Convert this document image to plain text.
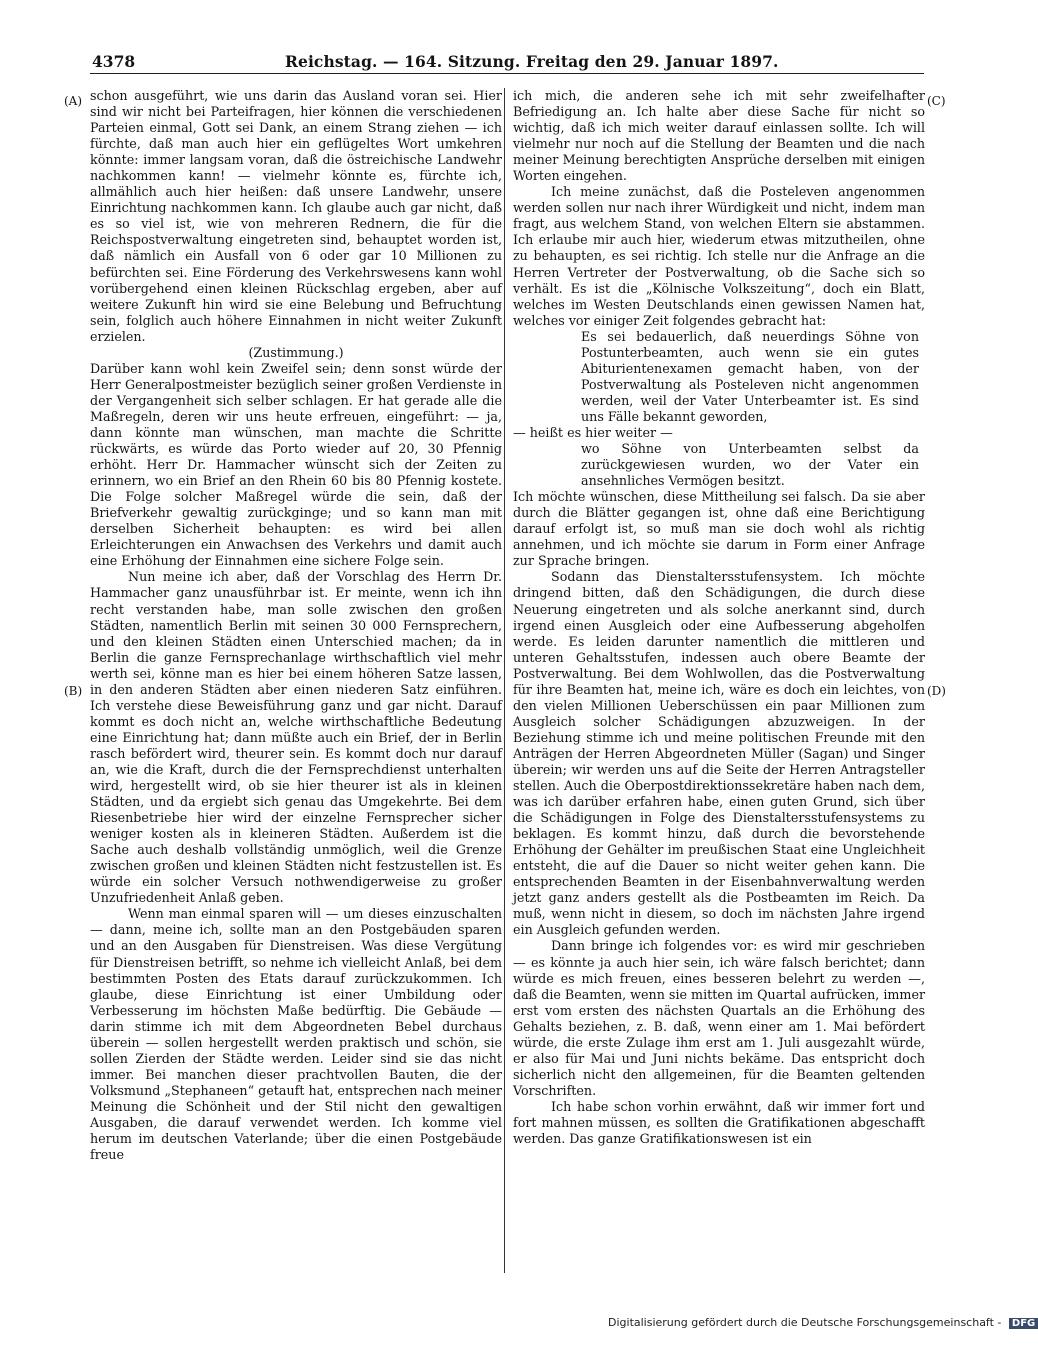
4378	Reichstag. — 164. Sitzung. Freitag den 29. Januar 1897.
(A)
(B)
(C)
(D)

schon ausgeführt, wie uns darin das Ausland voran sei. Hier sind wir nicht bei Parteifragen, hier können die verschiedenen Parteien einmal, Gott sei Dank, an einem Strang ziehen — ich fürchte, daß man auch hier ein geflügeltes Wort umkehren könnte: immer langsam voran, daß die östreichische Landwehr nachkommen kann! — vielmehr könnte es, fürchte ich, allmählich auch hier heißen: daß unsere Landwehr, unsere Einrichtung nachkommen kann. Ich glaube auch gar nicht, daß es so viel ist, wie von mehreren Rednern, die für die Reichspostverwaltung eingetreten sind, behauptet worden ist, daß nämlich ein Ausfall von 6 oder gar 10 Millionen zu befürchten sei. Eine Förderung des Verkehrswesens kann wohl vorübergehend einen kleinen Rückschlag ergeben, aber auf weitere Zukunft hin wird sie eine Belebung und Befruchtung sein, folglich auch höhere Einnahmen in nicht weiter Zukunft erzielen.

(Zustimmung.)

Darüber kann wohl kein Zweifel sein; denn sonst würde der Herr Generalpostmeister bezüglich seiner großen Verdienste in der Vergangenheit sich selber schlagen. Er hat gerade alle die Maßregeln, deren wir uns heute erfreuen, eingeführt: — ja, dann könnte man wünschen, man machte die Schritte rückwärts, es würde das Porto wieder auf 20, 30 Pfennig erhöht. Herr Dr. Hammacher wünscht sich der Zeiten zu erinnern, wo ein Brief an den Rhein 60 bis 80 Pfennig kostete. Die Folge solcher Maßregel würde die sein, daß der Briefverkehr gewaltig zurückginge; und so kann man mit derselben Sicherheit behaupten: es wird bei allen Erleichterungen ein Anwachsen des Verkehrs und damit auch eine Erhöhung der Einnahmen eine sichere Folge sein.

Nun meine ich aber, daß der Vorschlag des Herrn Dr. Hammacher ganz unausführbar ist. Er meinte, wenn ich ihn recht verstanden habe, man solle zwischen den großen Städten, namentlich Berlin mit seinen 30 000 Fernsprechern, und den kleinen Städten einen Unterschied machen; da in Berlin die ganze Fernsprechanlage wirthschaftlich viel mehr werth sei, könne man es hier bei einem höheren Satze lassen, in den anderen Städten aber einen niederen Satz einführen. Ich verstehe diese Beweisführung ganz und gar nicht. Darauf kommt es doch nicht an, welche wirthschaftliche Bedeutung eine Einrichtung hat; dann müßte auch ein Brief, der in Berlin rasch befördert wird, theurer sein. Es kommt doch nur darauf an, wie die Kraft, durch die der Fernsprechdienst unterhalten wird, hergestellt wird, ob sie hier theurer ist als in kleinen Städten, und da ergiebt sich genau das Umgekehrte. Bei dem Riesenbetriebe hier wird der einzelne Fernsprecher sicher weniger kosten als in kleineren Städten. Außerdem ist die Sache auch deshalb vollständig unmöglich, weil die Grenze zwischen großen und kleinen Städten nicht festzustellen ist. Es würde ein solcher Versuch nothwendigerweise zu großer Unzufriedenheit Anlaß geben.

Wenn man einmal sparen will — um dieses einzuschalten — dann, meine ich, sollte man an den Postgebäuden sparen und an den Ausgaben für Dienstreisen. Was diese Vergütung für Dienstreisen betrifft, so nehme ich vielleicht Anlaß, bei dem bestimmten Posten des Etats darauf zurückzukommen. Ich glaube, diese Einrichtung ist einer Umbildung oder Verbesserung im höchsten Maße bedürftig. Die Gebäude — darin stimme ich mit dem Abgeordneten Bebel durchaus überein — sollen hergestellt werden praktisch und schön, sie sollen Zierden der Städte werden. Leider sind sie das nicht immer. Bei manchen dieser prachtvollen Bauten, die der Volksmund „Stephaneen“ getauft hat, entsprechen nach meiner Meinung die Schönheit und der Stil nicht den gewaltigen Ausgaben, die darauf verwendet werden. Ich komme viel herum im deutschen Vaterlande; über die einen Postgebäude freue

ich mich, die anderen sehe ich mit sehr zweifelhafter Befriedigung an. Ich halte aber diese Sache für nicht so wichtig, daß ich mich weiter darauf einlassen sollte. Ich will vielmehr nur noch auf die Stellung der Beamten und die nach meiner Meinung berechtigten Ansprüche derselben mit einigen Worten eingehen.

Ich meine zunächst, daß die Posteleven angenommen werden sollen nur nach ihrer Würdigkeit und nicht, indem man fragt, aus welchem Stand, von welchen Eltern sie abstammen. Ich erlaube mir auch hier, wiederum etwas mitzutheilen, ohne zu behaupten, es sei richtig. Ich stelle nur die Anfrage an die Herren Vertreter der Postverwaltung, ob die Sache sich so verhält. Es ist die „Kölnische Volkszeitung“, doch ein Blatt, welches im Westen Deutschlands einen gewissen Namen hat, welches vor einiger Zeit folgendes gebracht hat:

Es sei bedauerlich, daß neuerdings Söhne von Postunterbeamten, auch wenn sie ein gutes Abiturientenexamen gemacht haben, von der Postverwaltung als Posteleven nicht angenommen werden, weil der Vater Unterbeamter ist. Es sind uns Fälle bekannt geworden,

— heißt es hier weiter —

wo Söhne von Unterbeamten selbst da zurückgewiesen wurden, wo der Vater ein ansehnliches Vermögen besitzt.

Ich möchte wünschen, diese Mittheilung sei falsch. Da sie aber durch die Blätter gegangen ist, ohne daß eine Berichtigung darauf erfolgt ist, so muß man sie doch wohl als richtig annehmen, und ich möchte sie darum in Form einer Anfrage zur Sprache bringen.

Sodann das Dienstaltersstufensystem. Ich möchte dringend bitten, daß den Schädigungen, die durch diese Neuerung eingetreten und als solche anerkannt sind, durch irgend einen Ausgleich oder eine Aufbesserung abgeholfen werde. Es leiden darunter namentlich die mittleren und unteren Gehaltsstufen, indessen auch obere Beamte der Postverwaltung. Bei dem Wohlwollen, das die Postverwaltung für ihre Beamten hat, meine ich, wäre es doch ein leichtes, von den vielen Millionen Ueberschüssen ein paar Millionen zum Ausgleich solcher Schädigungen abzuzweigen. In der Beziehung stimme ich und meine politischen Freunde mit den Anträgen der Herren Abgeordneten Müller (Sagan) und Singer überein; wir werden uns auf die Seite der Herren Antragsteller stellen. Auch die Oberpostdirektionssekretäre haben nach dem, was ich darüber erfahren habe, einen guten Grund, sich über die Schädigungen in Folge des Dienstaltersstufensystems zu beklagen. Es kommt hinzu, daß durch die bevorstehende Erhöhung der Gehälter im preußischen Staat eine Ungleichheit entsteht, die auf die Dauer so nicht weiter gehen kann. Die entsprechenden Beamten in der Eisenbahnverwaltung werden jetzt ganz anders gestellt als die Postbeamten im Reich. Da muß, wenn nicht in diesem, so doch im nächsten Jahre irgend ein Ausgleich gefunden werden.

Dann bringe ich folgendes vor: es wird mir geschrieben — es könnte ja auch hier sein, ich wäre falsch berichtet; dann würde es mich freuen, eines besseren belehrt zu werden —, daß die Beamten, wenn sie mitten im Quartal aufrücken, immer erst vom ersten des nächsten Quartals an die Erhöhung des Gehalts beziehen, z. B. daß, wenn einer am 1. Mai befördert würde, die erste Zulage ihm erst am 1. Juli ausgezahlt würde, er also für Mai und Juni nichts bekäme. Das entspricht doch sicherlich nicht den allgemeinen, für die Beamten geltenden Vorschriften.

Ich habe schon vorhin erwähnt, daß wir immer fort und fort mahnen müssen, es sollten die Gratifikationen abgeschafft werden. Das ganze Gratifikationswesen ist ein

Digitalisierung gefördert durch die Deutsche Forschungsgemeinschaft - DFG
